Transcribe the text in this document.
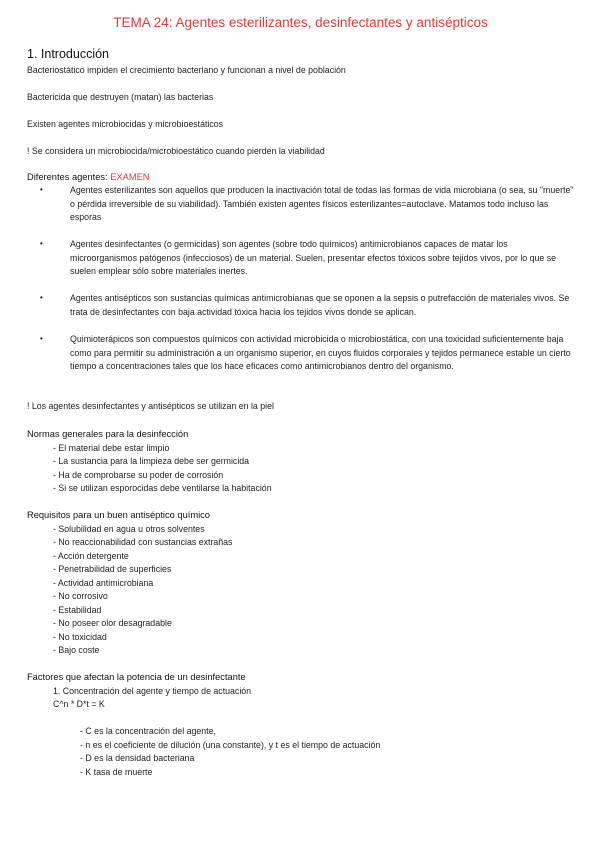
TEMA 24: Agentes esterilizantes, desinfectantes y antisépticos
1. Introducción
Bacteriostático impiden el crecimiento bacteriano y funcionan a nivel de población
Bactericida que destruyen (matan) las bacterias
Existen agentes microbiocidas y microbioestáticos
! Se considera un microbiocida/microbioestático cuando pierden la viabilidad
Diferentes agentes: EXAMEN
•	Agentes esterilizantes son aquellos que producen la inactivación total de todas las formas de vida microbiana (o sea, su "muerte" o pérdida irreversible de su viabilidad). También existen agentes físicos esterilizantes=autoclave. Matamos todo incluso las esporas
•	Agentes desinfectantes (o germicidas) son agentes (sobre todo químicos) antimicrobianos capaces de matar los microorganismos patógenos (infecciosos) de un material. Suelen, presentar efectos tóxicos sobre tejidos vivos, por lo que se suelen emplear sólo sobre materiales inertes.
•	Agentes antisépticos son sustancias químicas antimicrobianas que se oponen a la sepsis o putrefacción de materiales vivos. Se trata de desinfectantes con baja actividad tóxica hacia los tejidos vivos donde se aplican.
•	Quimioterápicos son compuestos químicos con actividad microbicida o microbiostática, con una toxicidad suficientemente baja como para permitir su administración a un organismo superior, en cuyos fluidos corporales y tejidos permanece estable un cierto tiempo a concentraciones tales que los hace eficaces como antimicrobianos dentro del organismo.
! Los agentes desinfectantes y antisépticos se utilizan en la piel
Normas generales para la desinfección
- El material debe estar limpio
- La sustancia para la limpieza debe ser germicida
- Ha de comprobarse su poder de corrosión
- Si se utilizan esporocidas debe ventilarse la habitación
Requisitos para un buen antiséptico químico
- Solubilidad en agua u otros solventes
- No reaccionabilidad con sustancias extrañas
- Acción detergente
- Penetrabilidad de superficies
- Actividad antimicrobiana
- No corrosivo
- Estabilidad
- No poseer olor desagradable
- No toxicidad
- Bajo coste
Factores que afectan la potencia de un desinfectante
1. Concentración del agente y tiempo de actuación
C^n * D*t = K
- C es la concentración del agente,
- n es el coeficiente de dilución (una constante), y t es el tiempo de actuación
- D es la densidad bacteriana
- K tasa de muerte
